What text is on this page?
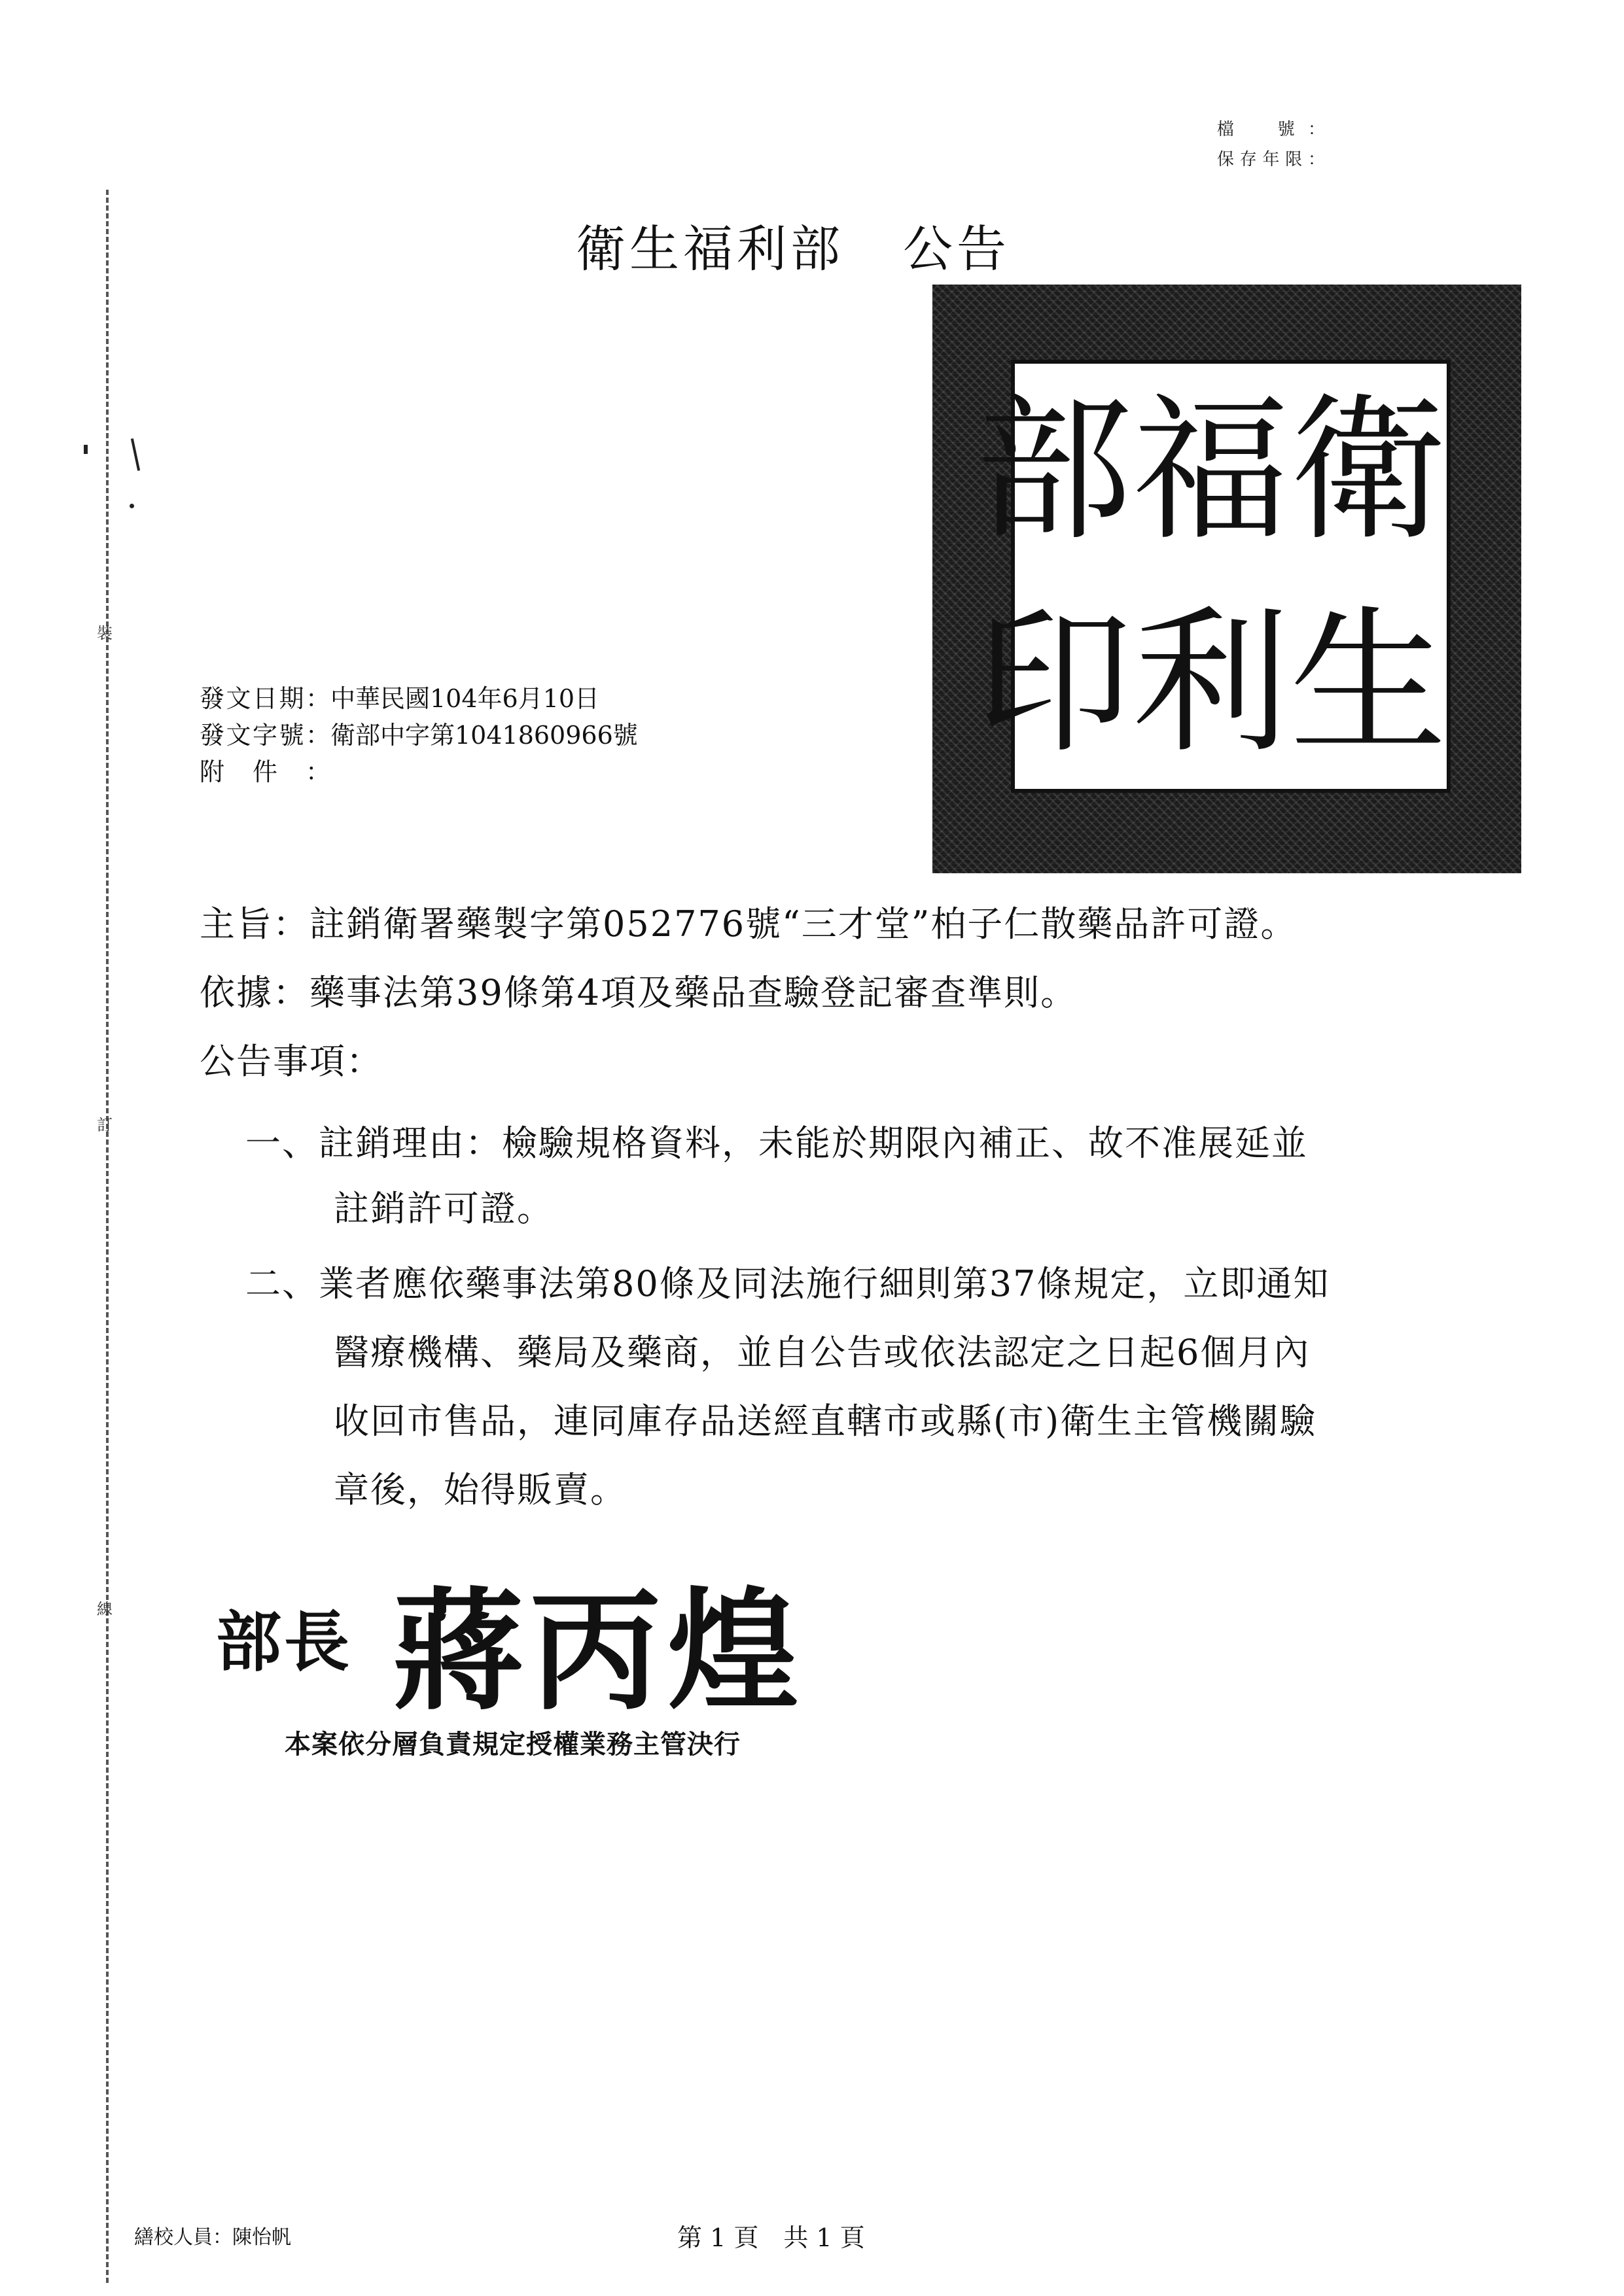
檔　號：
保存年限：
裝
訂
線
衛生福利部 公告
衛
福
部
生
利
印
發文日期： 中華民國104年6月10日
發文字號： 衛部中字第1041860966號
附件：
主旨：註銷衛署藥製字第052776號“三才堂”柏子仁散藥品許可證。
依據：藥事法第39條第4項及藥品查驗登記審查準則。
公告事項：
一、註銷理由：檢驗規格資料，未能於期限內補正、故不准展延並
註銷許可證。
二、業者應依藥事法第80條及同法施行細則第37條規定，立即通知
醫療機構、藥局及藥商，並自公告或依法認定之日起6個月內
收回市售品，連同庫存品送經直轄市或縣(市)衛生主管機關驗
章後，始得販賣。
部長 蔣丙煌
本案依分層負責規定授權業務主管決行
繕校人員：陳怡帆	第 1 頁　共 1 頁
